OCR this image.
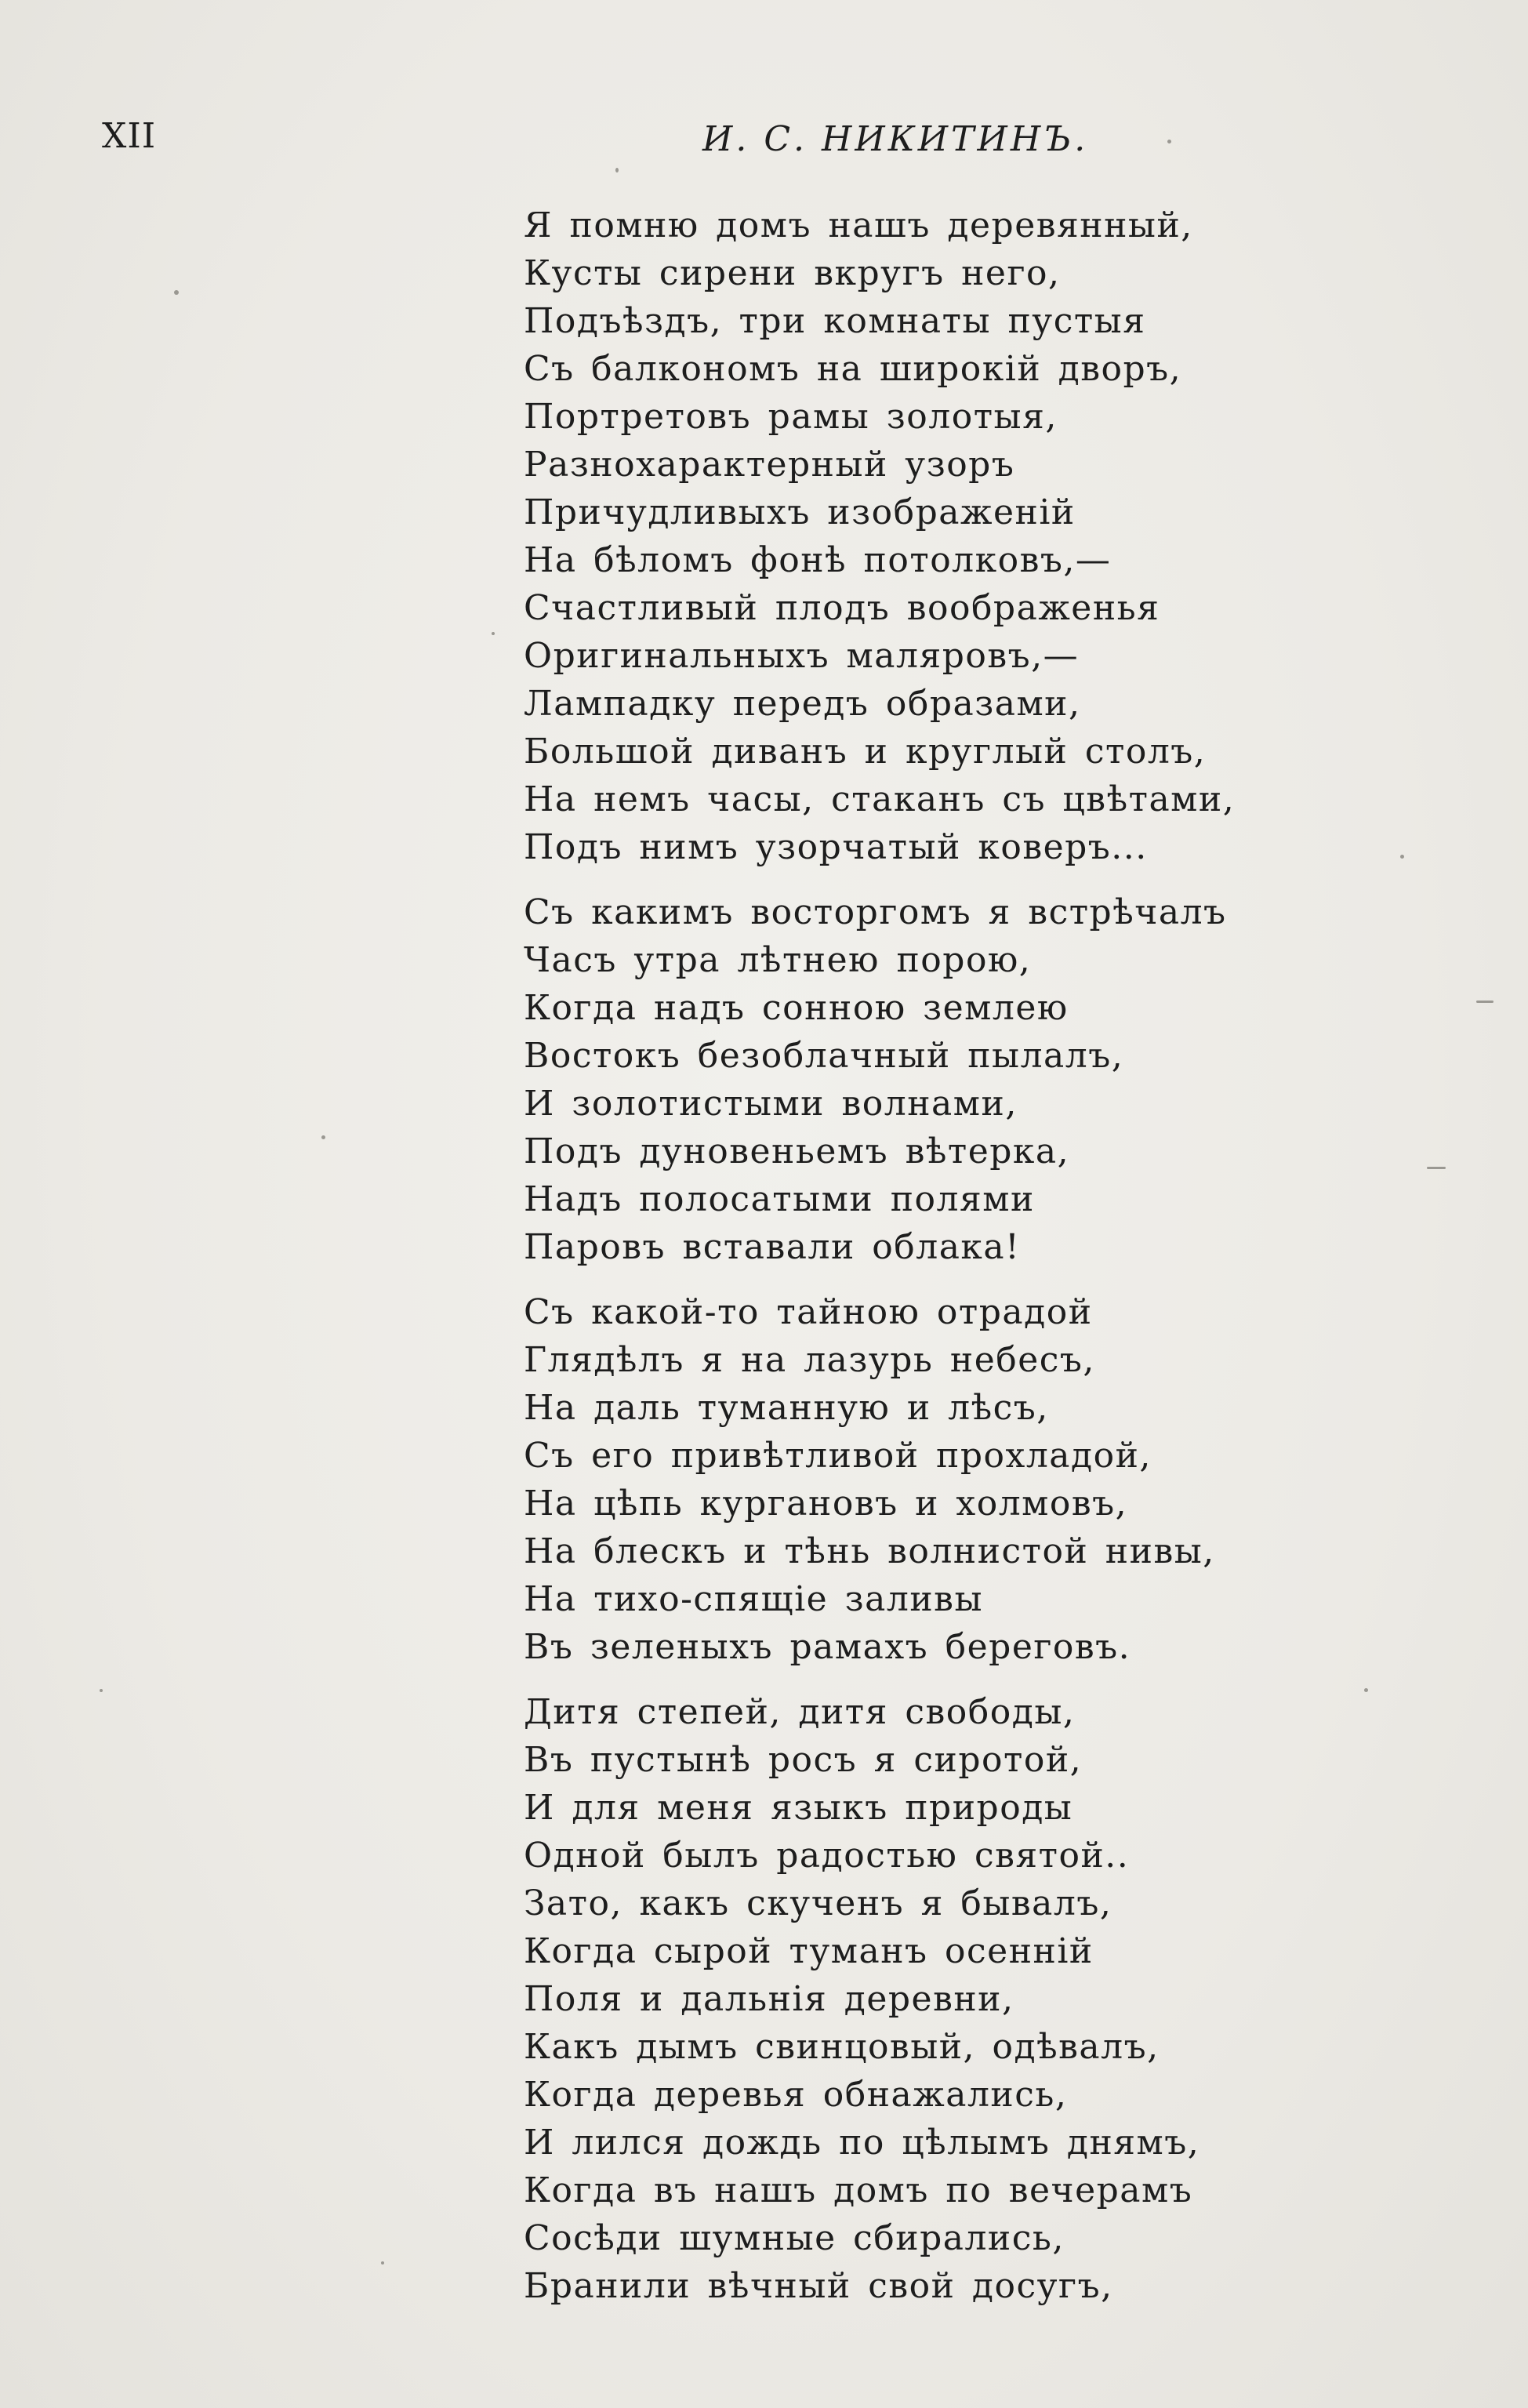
XII	И. С. НИКИТИНЪ.
Я помню домъ нашъ деревянный,
Кусты сирени вкругъ него,
Подъѣздъ, три комнаты пустыя
Съ балкономъ на широкій дворъ,
Портретовъ рамы золотыя,
Разнохарактерный узоръ
Причудливыхъ изображеній
На бѣломъ фонѣ потолковъ,—
Счастливый плодъ воображенья
Оригинальныхъ маляровъ,—
Лампадку передъ образами,
Большой диванъ и круглый столъ,
На немъ часы, стаканъ съ цвѣтами,
Подъ нимъ узорчатый коверъ...
Съ какимъ восторгомъ я встрѣчалъ
Часъ утра лѣтнею порою,
Когда надъ сонною землею
Востокъ безоблачный пылалъ,
И золотистыми волнами,
Подъ дуновеньемъ вѣтерка,
Надъ полосатыми полями
Паровъ вставали облака!
Съ какой-то тайною отрадой
Глядѣлъ я на лазурь небесъ,
На даль туманную и лѣсъ,
Съ его привѣтливой прохладой,
На цѣпь кургановъ и холмовъ,
На блескъ и тѣнь волнистой нивы,
На тихо-спящіе заливы
Въ зеленыхъ рамахъ береговъ.
Дитя степей, дитя свободы,
Въ пустынѣ росъ я сиротой,
И для меня языкъ природы
Одной былъ радостью святой..
Зато, какъ скученъ я бывалъ,
Когда сырой туманъ осенній
Поля и дальнія деревни,
Какъ дымъ свинцовый, одѣвалъ,
Когда деревья обнажались,
И лился дождь по цѣлымъ днямъ,
Когда въ нашъ домъ по вечерамъ
Сосѣди шумные сбирались,
Бранили вѣчный свой досугъ,
